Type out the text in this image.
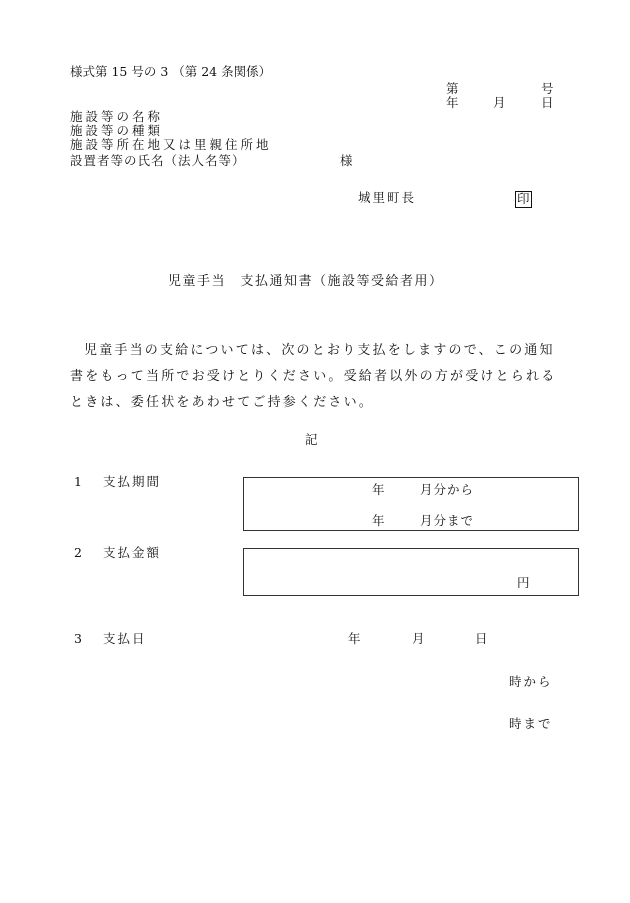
様式第 15 号の 3 （第 24 条関係）
第	号
年	月	日
施設等の名称
施設等の種類
施設等所在地又は里親住所地
設置者等の氏名（法人名等）	様
城里町長	印
児童手当　支払通知書（施設等受給者用）
児童手当の支給については、次のとおり支払をしますので、この通知書をもって当所でお受けとりください。受給者以外の方が受けとられるときは、委任状をあわせてご持参ください。
記
1 支払期間
年	月分から
年	月分まで
2 支払金額
円
3 支払日	年	月	日
時から
時まで
